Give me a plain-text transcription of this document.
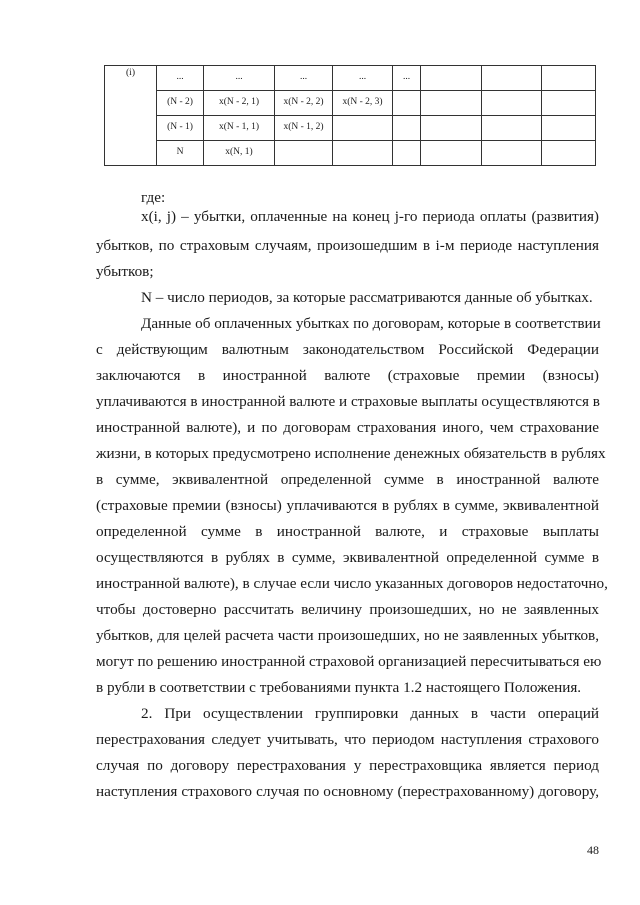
(i)	...	...	...	...	...			
	(N - 2)	x(N - 2, 1)	x(N - 2, 2)	x(N - 2, 3)				
	(N - 1)	x(N - 1, 1)	x(N - 1, 2)					
	N	x(N, 1)						
где:
x(i, j) – убытки, оплаченные на конец j-го периода оплаты (развития)
убытков, по страховым случаям, произошедшим в i-м периоде наступления
убытков;
N – число периодов, за которые рассматриваются данные об убытках.
Данные об оплаченных убытках по договорам, которые в соответствии
с действующим валютным законодательством Российской Федерации
заключаются в иностранной валюте (страховые премии (взносы)
уплачиваются в иностранной валюте и страховые выплаты осуществляются в
иностранной валюте), и по договорам страхования иного, чем страхование
жизни, в которых предусмотрено исполнение денежных обязательств в рублях
в сумме, эквивалентной определенной сумме в иностранной валюте
(страховые премии (взносы) уплачиваются в рублях в сумме, эквивалентной
определенной сумме в иностранной валюте, и страховые выплаты
осуществляются в рублях в сумме, эквивалентной определенной сумме в
иностранной валюте), в случае если число указанных договоров недостаточно,
чтобы достоверно рассчитать величину произошедших, но не заявленных
убытков, для целей расчета части произошедших, но не заявленных убытков,
могут по решению иностранной страховой организацией пересчитываться ею
в рубли в соответствии с требованиями пункта 1.2 настоящего Положения.
2. При осуществлении группировки данных в части операций
перестрахования следует учитывать, что периодом наступления страхового
случая по договору перестрахования у перестраховщика является период
наступления страхового случая по основному (перестрахованному) договору,
48
